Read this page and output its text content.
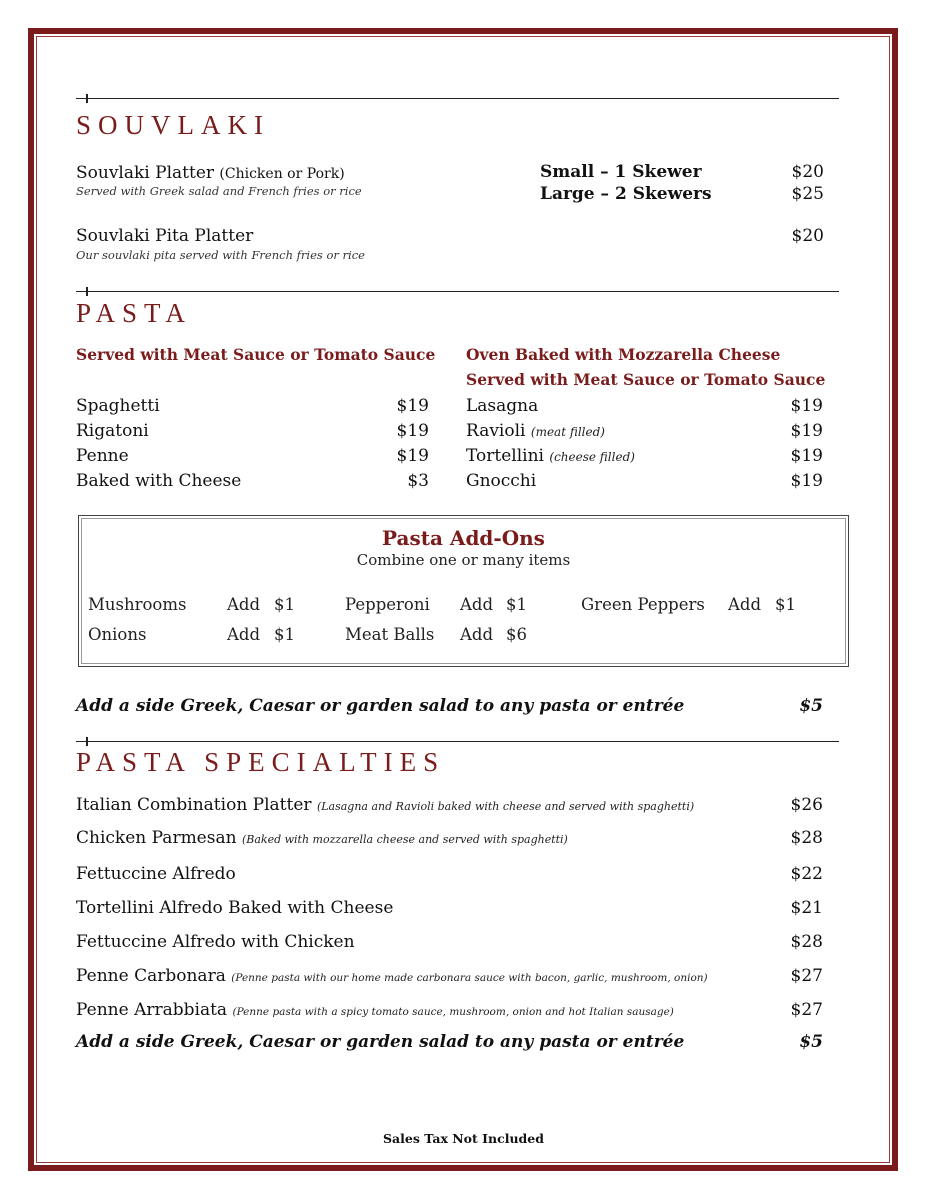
SOUVLAKI
Souvlaki Platter (Chicken or Pork)
Served with Greek salad and French fries or rice
Small – 1 Skewer	$20
Large – 2 Skewers	$25
Souvlaki Pita Platter
Our souvlaki pita served with French fries or rice
$20
PASTA
Served with Meat Sauce or Tomato Sauce Oven Baked with Mozzarella Cheese
Served with Meat Sauce or Tomato Sauce
Spaghetti	$19
Rigatoni	$19
Penne	$19
Baked with Cheese	$3
Lasagna	$19
Ravioli (meat filled)	$19
Tortellini (cheese filled)	$19
Gnocchi	$19
Pasta Add-Ons
Combine one or many items
Mushrooms Add $1	Pepperoni Add $1	Green Peppers Add $1
Onions	Add $1	Meat Balls Add $6
Add a side Greek, Caesar or garden salad to any pasta or entrée	$5
PASTA SPECIALTIES
Italian Combination Platter (Lasagna and Ravioli baked with cheese and served with spaghetti)	$26
Chicken Parmesan (Baked with mozzarella cheese and served with spaghetti)	$28
Fettuccine Alfredo	$22
Tortellini Alfredo Baked with Cheese	$21
Fettuccine Alfredo with Chicken	$28
Penne Carbonara (Penne pasta with our home made carbonara sauce with bacon, garlic, mushroom, onion)	$27
Penne Arrabbiata (Penne pasta with a spicy tomato sauce, mushroom, onion and hot Italian sausage)	$27
Add a side Greek, Caesar or garden salad to any pasta or entrée	$5
Sales Tax Not Included
